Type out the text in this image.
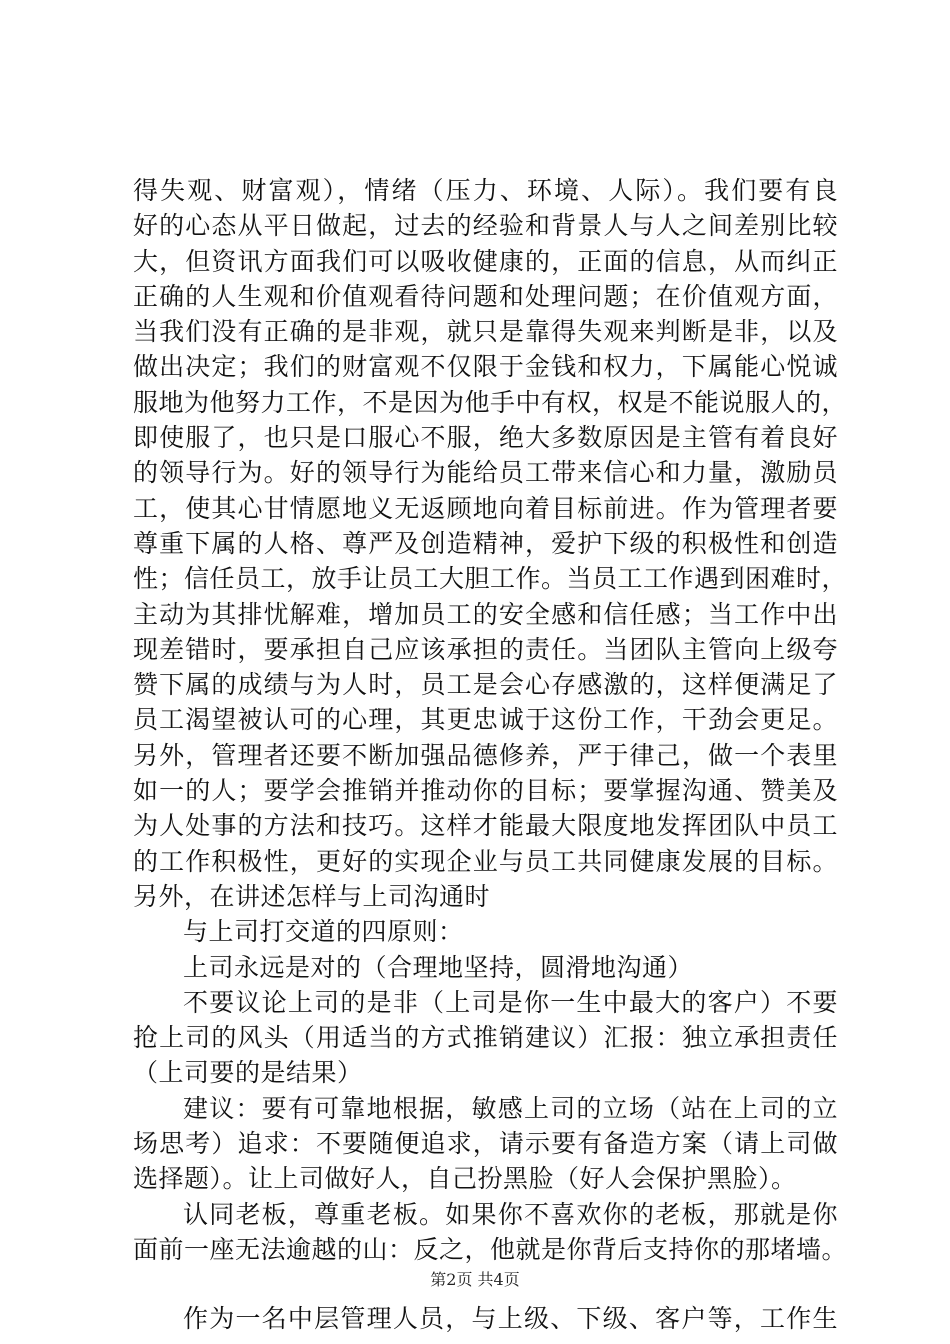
得失观、财富观），情绪（压力、环境、人际）。我们要有良
好的心态从平日做起，过去的经验和背景人与人之间差别比较
大，但资讯方面我们可以吸收健康的，正面的信息，从而纠正
正确的人生观和价值观看待问题和处理问题；在价值观方面，
当我们没有正确的是非观，就只是靠得失观来判断是非，以及
做出决定；我们的财富观不仅限于金钱和权力，下属能心悦诚
服地为他努力工作，不是因为他手中有权，权是不能说服人的，
即使服了，也只是口服心不服，绝大多数原因是主管有着良好
的领导行为。好的领导行为能给员工带来信心和力量，激励员
工，使其心甘情愿地义无返顾地向着目标前进。作为管理者要
尊重下属的人格、尊严及创造精神，爱护下级的积极性和创造
性；信任员工，放手让员工大胆工作。当员工工作遇到困难时，
主动为其排忧解难，增加员工的安全感和信任感；当工作中出
现差错时，要承担自己应该承担的责任。当团队主管向上级夸
赞下属的成绩与为人时，员工是会心存感激的，这样便满足了
员工渴望被认可的心理，其更忠诚于这份工作，干劲会更足。
另外，管理者还要不断加强品德修养，严于律己，做一个表里
如一的人；要学会推销并推动你的目标；要掌握沟通、赞美及
为人处事的方法和技巧。这样才能最大限度地发挥团队中员工
的工作积极性，更好的实现企业与员工共同健康发展的目标。
另外，在讲述怎样与上司沟通时
与上司打交道的四原则：
上司永远是对的（合理地坚持，圆滑地沟通）
不要议论上司的是非（上司是你一生中最大的客户）不要
抢上司的风头（用适当的方式推销建议）汇报：独立承担责任
（上司要的是结果）
建议：要有可靠地根据，敏感上司的立场（站在上司的立
场思考）追求：不要随便追求，请示要有备造方案（请上司做
选择题）。让上司做好人，自己扮黑脸（好人会保护黑脸）。
认同老板，尊重老板。如果你不喜欢你的老板，那就是你
面前一座无法逾越的山：反之，他就是你背后支持你的那堵墙。
作为一名中层管理人员，与上级、下级、客户等，工作生
第2页 共4页
